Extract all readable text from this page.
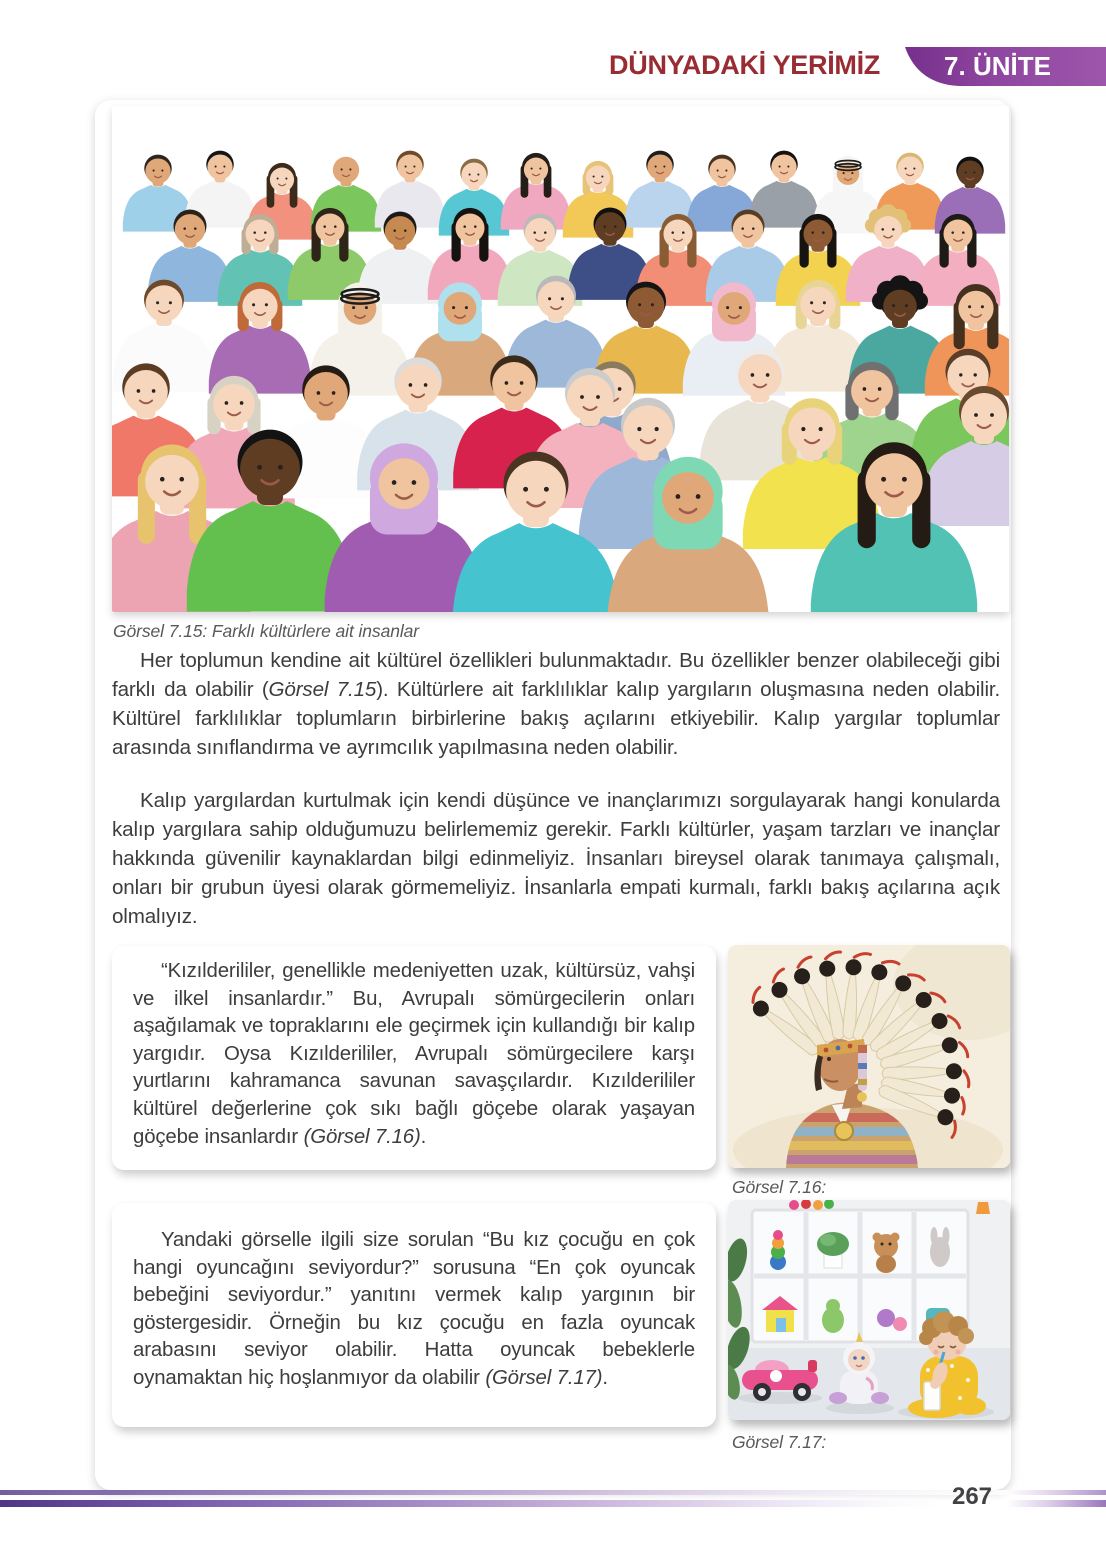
DÜNYADAKİ YERİMİZ	7. ÜNİTE
Görsel 7.15: Farklı kültürlere ait insanlar
Her toplumun kendine ait kültürel özellikleri bulunmaktadır. Bu özellikler benzer olabileceği gibi farklı da olabilir (Görsel 7.15). Kültürlere ait farklılıklar kalıp yargıların oluşmasına neden olabilir. Kültürel farklılıklar toplumların birbirlerine bakış açılarını etkiyebilir. Kalıp yargılar toplumlar arasında sınıflandırma ve ayrımcılık yapılmasına neden olabilir.
Kalıp yargılardan kurtulmak için kendi düşünce ve inançlarımızı sorgulayarak hangi konularda kalıp yargılara sahip olduğumuzu belirlememiz gerekir. Farklı kültürler, yaşam tarzları ve inançlar hakkında güvenilir kaynaklardan bilgi edinmeliyiz. İnsanları bireysel olarak tanımaya çalışmalı, onları bir grubun üyesi olarak görmemeliyiz. İnsanlarla empati kurmalı, farklı bakış açılarına açık olmalıyız.
“Kızılderililer, genellikle medeniyetten uzak, kültürsüz, vahşi ve ilkel insanlardır.” Bu, Avrupalı sömürgecilerin onları aşağılamak ve topraklarını ele geçirmek için kullandığı bir kalıp yargıdır. Oysa Kızılderililer, Avrupalı sömürgecilere karşı yurtlarını kahramanca savunan savaşçılardır. Kızılderililer kültürel değerlerine çok sıkı bağlı göçebe olarak yaşayan göçebe insanlardır (Görsel 7.16).
Görsel 7.16:
Yandaki görselle ilgili size sorulan “Bu kız çocuğu en çok hangi oyuncağını seviyordur?” sorusuna “En çok oyuncak bebeğini seviyordur.” yanıtını vermek kalıp yargının bir göstergesidir. Örneğin bu kız çocuğu en fazla oyuncak arabasını seviyor olabilir. Hatta oyuncak bebeklerle oynamaktan hiç hoşlanmıyor da olabilir (Görsel 7.17).
Görsel 7.17:
267
